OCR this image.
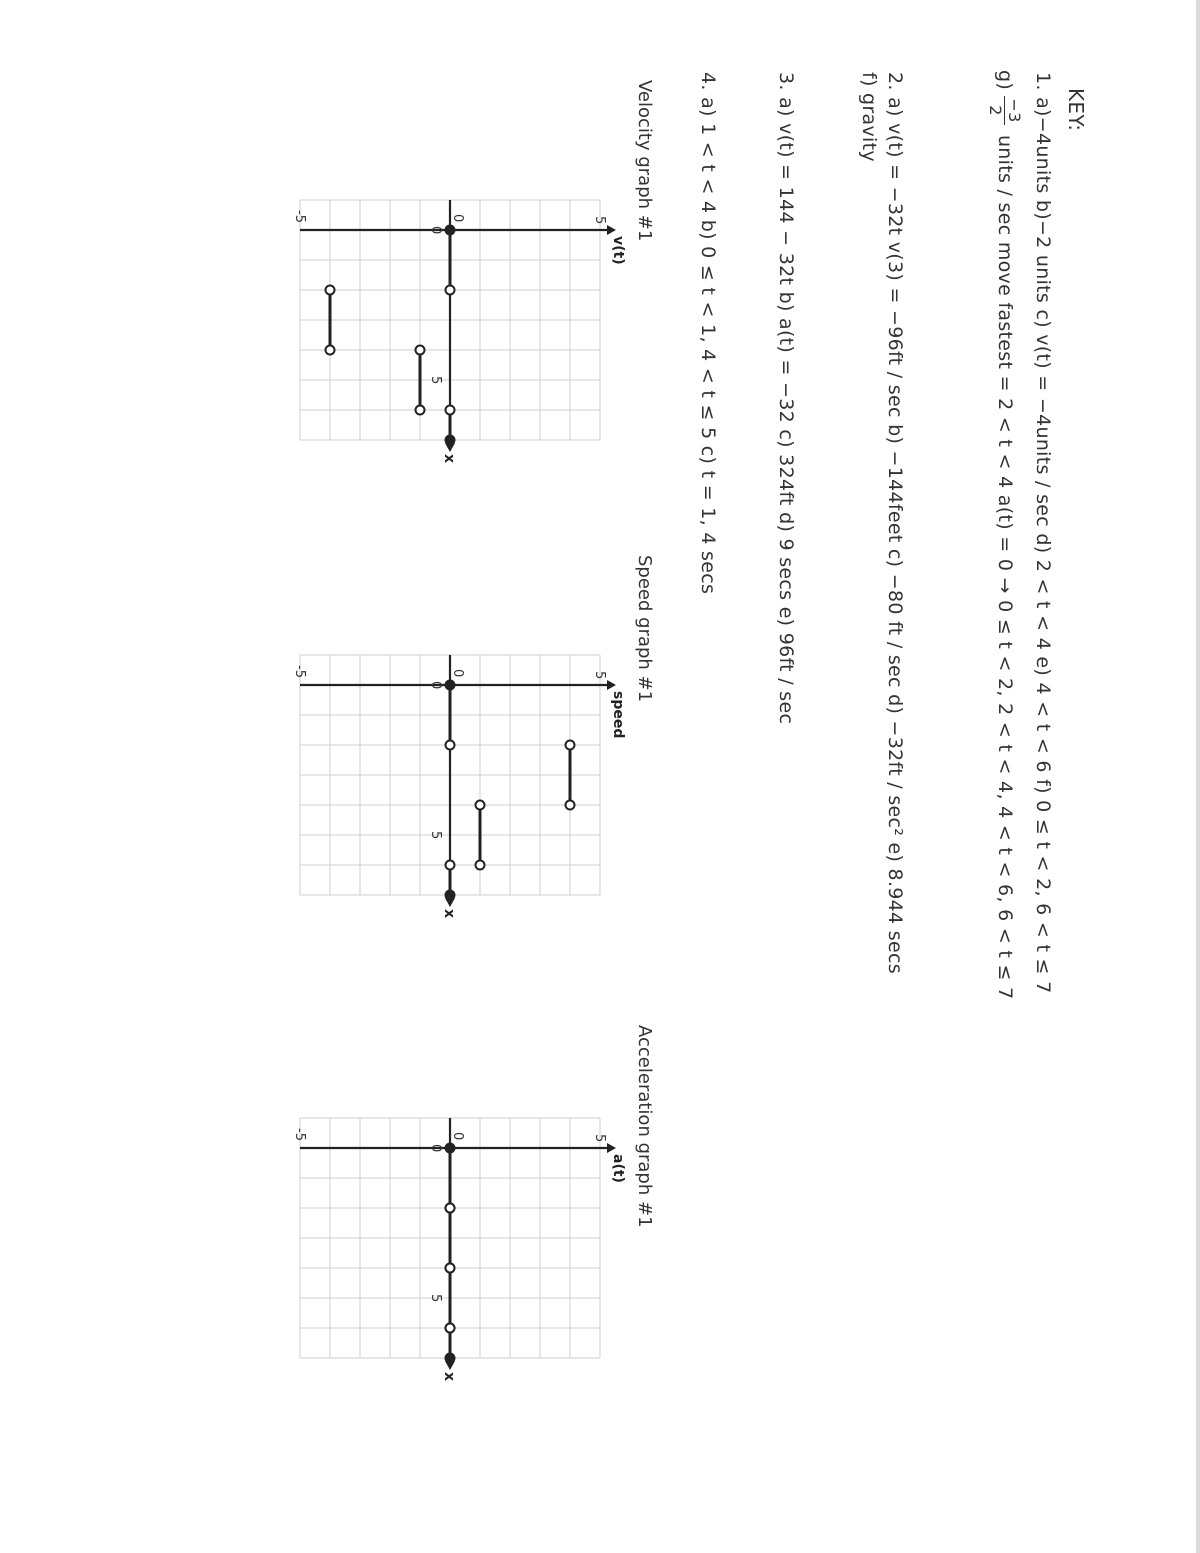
KEY:
1. a)−4units b)−2 units c) v(t) = −4units / sec d) 2 < t < 4 e) 4 < t < 6 f) 0 ≤ t < 2, 6 < t ≤ 7
g)
−3
2
units / sec move fastest = 2 < t < 4 a(t) = 0 → 0 ≤ t < 2, 2 < t < 4, 4 < t < 6, 6 < t ≤ 7
2. a) v(t) = −32t v(3) = −96ft / sec b) −144feet c) −80 ft / sec d) −32ft / sec² e) 8.944 secs
f) gravity
3. a) v(t) = 144 − 32t b) a(t) = −32 c) 324ft d) 9 secs e) 96ft / sec
4. a) 1 < t < 4 b) 0 ≤ t < 1, 4 < t ≤ 5 c) t = 1, 4 secs
Velocity graph #1
Speed graph #1
Acceleration graph #1
0
5
5
0
-5
v(t)
x
0
5
5
0
-5
speed
x
0
5
5
0
-5
a(t)
x
